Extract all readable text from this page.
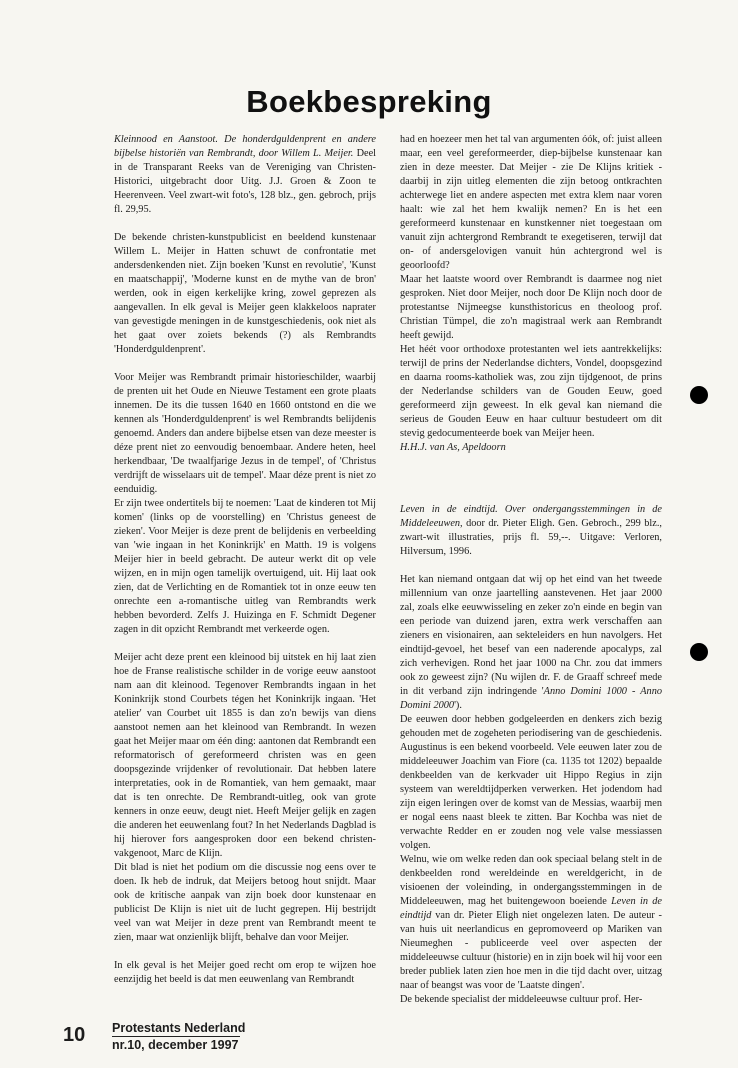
Boekbespreking

Kleinnood en Aanstoot. De honderdguldenprent en andere bijbelse historiën van Rembrandt, door Willem L. Meijer. Deel in de Transparant Reeks van de Vereniging van Christen-Historici, uitgebracht door Uitg. J.J. Groen & Zoon te Heerenveen. Veel zwart-wit foto's, 128 blz., gen. gebroch, prijs fl. 29,95.

De bekende christen-kunstpublicist en beeldend kunstenaar Willem L. Meijer in Hatten schuwt de confrontatie met andersdenkenden niet. Zijn boeken 'Kunst en revolutie', 'Kunst en maatschappij', 'Moderne kunst en de mythe van de bron' werden, ook in eigen kerkelijke kring, zowel geprezen als aangevallen. In elk geval is Meijer geen klakkeloos naprater van gevestigde meningen in de kunstgeschiedenis, ook niet als het gaat over zoiets bekends (?) als Rembrandts 'Honderdguldenprent'.

Voor Meijer was Rembrandt primair historieschilder, waarbij de prenten uit het Oude en Nieuwe Testament een grote plaats innemen. De its die tussen 1640 en 1660 ontstond en die we kennen als 'Honderdguldenprent' is wel Rembrandts belijdenis genoemd. Anders dan andere bijbelse etsen van deze meester is déze prent niet zo eenvoudig benoembaar. Andere heten, heel herkendbaar, 'De twaalfjarige Jezus in de tempel', of 'Christus verdrijft de wisselaars uit de tempel'. Maar déze prent is niet zo eenduidig.

Er zijn twee ondertitels bij te noemen: 'Laat de kinderen tot Mij komen' (links op de voorstelling) en 'Christus geneest de zieken'. Voor Meijer is deze prent de belijdenis en verbeelding van 'wie ingaan in het Koninkrijk' en Matth. 19 is volgens Meijer hier in beeld gebracht. De auteur werkt dit op vele wijzen, en in mijn ogen tamelijk overtuigend, uit. Hij laat ook zien, dat de Verlichting en de Romantiek tot in onze eeuw ten onrechte een a-romantische uitleg van Rembrandts werk hebben bevorderd. Zelfs J. Huizinga en F. Schmidt Degener zagen in dit opzicht Rembrandt met verkeerde ogen.

Meijer acht deze prent een kleinood bij uitstek en hij laat zien hoe de Franse realistische schilder in de vorige eeuw aanstoot nam aan dit kleinood. Tegenover Rembrandts ingaan in het Koninkrijk stond Courbets tégen het Koninkrijk ingaan. 'Het atelier' van Courbet uit 1855 is dan zo'n bewijs van diens aanstoot nemen aan het kleinood van Rembrandt. In wezen gaat het Meijer maar om één ding: aantonen dat Rembrandt een reformatorisch of gereformeerd christen was en geen doopsgezinde vrijdenker of revolutionair. Dat hebben latere interpretaties, ook in de Romantiek, van hem gemaakt, maar dat is ten onrechte. De Rembrandt-uitleg, ook van grote kenners in onze eeuw, deugt niet. Heeft Meijer gelijk en zagen die anderen het eeuwenlang fout? In het Nederlands Dagblad is hij hierover fors aangesproken door een bekend christen-vakgenoot, Marc de Klijn.

Dit blad is niet het podium om die discussie nog eens over te doen. Ik heb de indruk, dat Meijers betoog hout snijdt. Maar ook de kritische aanpak van zijn boek door kunstenaar en publicist De Klijn is niet uit de lucht gegrepen. Hij bestrijdt veel van wat Meijer in deze prent van Rembrandt meent te zien, maar wat onzienlijk blijft, behalve dan voor Meijer.

In elk geval is het Meijer goed recht om erop te wijzen hoe eenzijdig het beeld is dat men eeuwenlang van Rembrandt

had en hoezeer men het tal van argumenten óók, of: juist alleen maar, een veel gereformeerder, diep-bijbelse kunstenaar kan zien in deze meester. Dat Meijer - zie De Klijns kritiek - daarbij in zijn uitleg elementen die zijn betoog ontkrachten achterwege liet en andere aspecten met extra klem naar voren haalt: wie zal het hem kwalijk nemen? En is het een gereformeerd kunstenaar en kunstkenner niet toegestaan om vanuit zijn achtergrond Rembrandt te exegetiseren, terwijl dat on- of andersgelovigen vanuit hún achtergrond wel is geoorloofd?

Maar het laatste woord over Rembrandt is daarmee nog niet gesproken. Niet door Meijer, noch door De Klijn noch door de protestantse Nijmeegse kunsthistoricus en theoloog prof. Christian Tümpel, die zo'n magistraal werk aan Rembrandt heeft gewijd.

Het héét voor orthodoxe protestanten wel iets aantrekkelijks: terwijl de prins der Nederlandse dichters, Vondel, doopsgezind en daarna rooms-katholiek was, zou zijn tijdgenoot, de prins der Nederlandse schilders van de Gouden Eeuw, goed gereformeerd zijn geweest. In elk geval kan niemand die serieus de Gouden Eeuw en haar cultuur bestudeert om dit stevig gedocumenteerde boek van Meijer heen.

H.H.J. van As, Apeldoorn

Leven in de eindtijd. Over ondergangsstemmingen in de Middeleeuwen, door dr. Pieter Eligh. Gen. Gebroch., 299 blz., zwart-wit illustraties, prijs fl. 59,--. Uitgave: Verloren, Hilversum, 1996.

Het kan niemand ontgaan dat wij op het eind van het tweede millennium van onze jaartelling aanstevenen. Het jaar 2000 zal, zoals elke eeuwwisseling en zeker zo'n einde en begin van een periode van duizend jaren, extra werk verschaffen aan zieners en visionairen, aan sekteleiders en hun navolgers. Het eindtijd-gevoel, het besef van een naderende apocalyps, zal zich verhevigen. Rond het jaar 1000 na Chr. zou dat immers ook zo geweest zijn? (Nu wijlen dr. F. de Graaff schreef mede in dit verband zijn indringende 'Anno Domini 1000 - Anno Domini 2000').

De eeuwen door hebben godgeleerden en denkers zich bezig gehouden met de zogeheten periodisering van de geschiedenis. Augustinus is een bekend voorbeeld. Vele eeuwen later zou de middeleeuwer Joachim van Fiore (ca. 1135 tot 1202) bepaalde denkbeelden van de kerkvader uit Hippo Regius in zijn systeem van wereldtijdperken verwerken. Het jodendom had zijn eigen leringen over de komst van de Messias, waarbij men er nogal eens naast bleek te zitten. Bar Kochba was niet de verwachte Redder en er zouden nog vele valse messiassen volgen.

Welnu, wie om welke reden dan ook speciaal belang stelt in de denkbeelden rond wereldeinde en wereldgericht, in de visioenen der voleinding, in ondergangsstemmingen in de Middeleeuwen, mag het buitengewoon boeiende Leven in de eindtijd van dr. Pieter Eligh niet ongelezen laten. De auteur - van huis uit neerlandicus en gepromoveerd op Mariken van Nieumeghen - publiceerde veel over aspecten der middeleeuwse cultuur (historie) en in zijn boek wil hij voor een breder publiek laten zien hoe men in die tijd dacht over, uitzag naar of beangst was voor de 'Laatste dingen'.

De bekende specialist der middeleeuwse cultuur prof. Her-

10 Protestants Nederland
nr.10, december 1997
